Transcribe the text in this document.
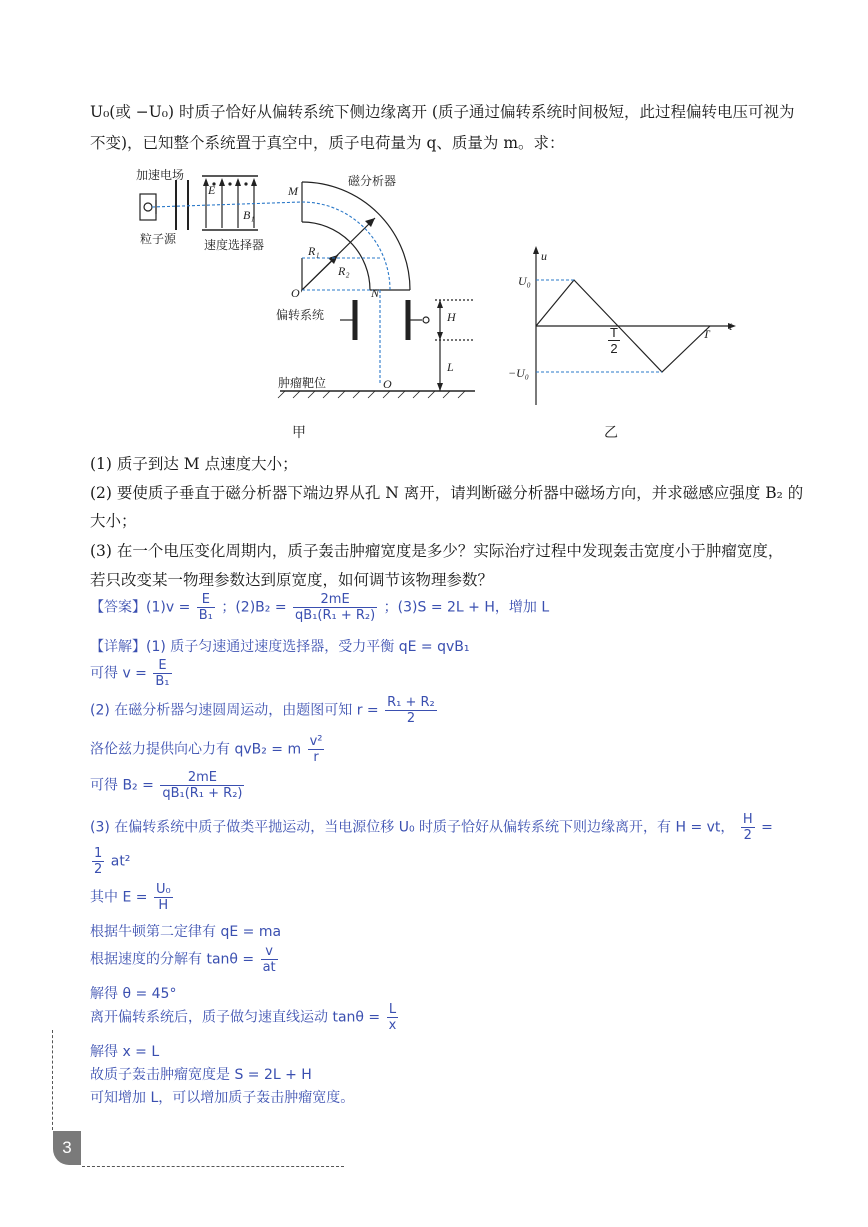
U₀(或 −U₀) 时质子恰好从偏转系统下侧边缘离开 (质子通过偏转系统时间极短，此过程偏转电压可视为
不变)，已知整个系统置于真空中，质子电荷量为 q、质量为 m。求：
加速电场
粒子源 速度选择器
磁分析器
偏转系统
肿瘤靶位
E
B₁
M
N
O′
O
R₁
R₂
H
L
甲
u
t
U₀
−U₀
$\frac{T}{2}$	T
乙
(1) 质子到达 M 点速度大小；
(2) 要使质子垂直于磁分析器下端边界从孔 N 离开，请判断磁分析器中磁场方向，并求磁感应强度 B₂ 的
大小；
(3) 在一个电压变化周期内，质子轰击肿瘤宽度是多少？实际治疗过程中发现轰击宽度小于肿瘤宽度，
若只改变某一物理参数达到原宽度，如何调节该物理参数？
【答案】$(1)v = \frac{E}{\text{B₁}}$ ；$(2)B_2 = \frac{2mE}{\text{qB₁(R₁ + R₂)}}$ ；(3)S = 2L + H，增加 L
【详解】(1) 质子匀速通过速度选择器，受力平衡 qE = qvB₁
可得 $v = \frac{E}{\text{B₁}}$
(2) 在磁分析器匀速圆周运动，由题图可知 $r = \frac{\text{R₁ + R₂}}{2}$
洛伦兹力提供向心力有 qvB₂ = m $\frac{\text{v²}}{r}$
可得 $B_2 = \frac{2mE}{\text{qB₁(R₁ + R₂)}}$
(3) 在偏转系统中质子做类平抛运动，当电源位移 U₀ 时质子恰好从偏转系统下则边缘离开，有 H = vt， $\frac{H}{2}$ =
$\frac{1}{2} at^2$
其中 $E = \frac{\text{U₀}}{H}$
根据牛顿第二定律有 qE = ma
根据速度的分解有 $\tan\theta = \frac{v}{at}$
解得 θ = 45°
离开偏转系统后，质子做匀速直线运动 $\tan\theta = \frac{L}{x}$
解得 x = L
故质子轰击肿瘤宽度是 S = 2L + H
可知增加 L，可以增加质子轰击肿瘤宽度。
3
